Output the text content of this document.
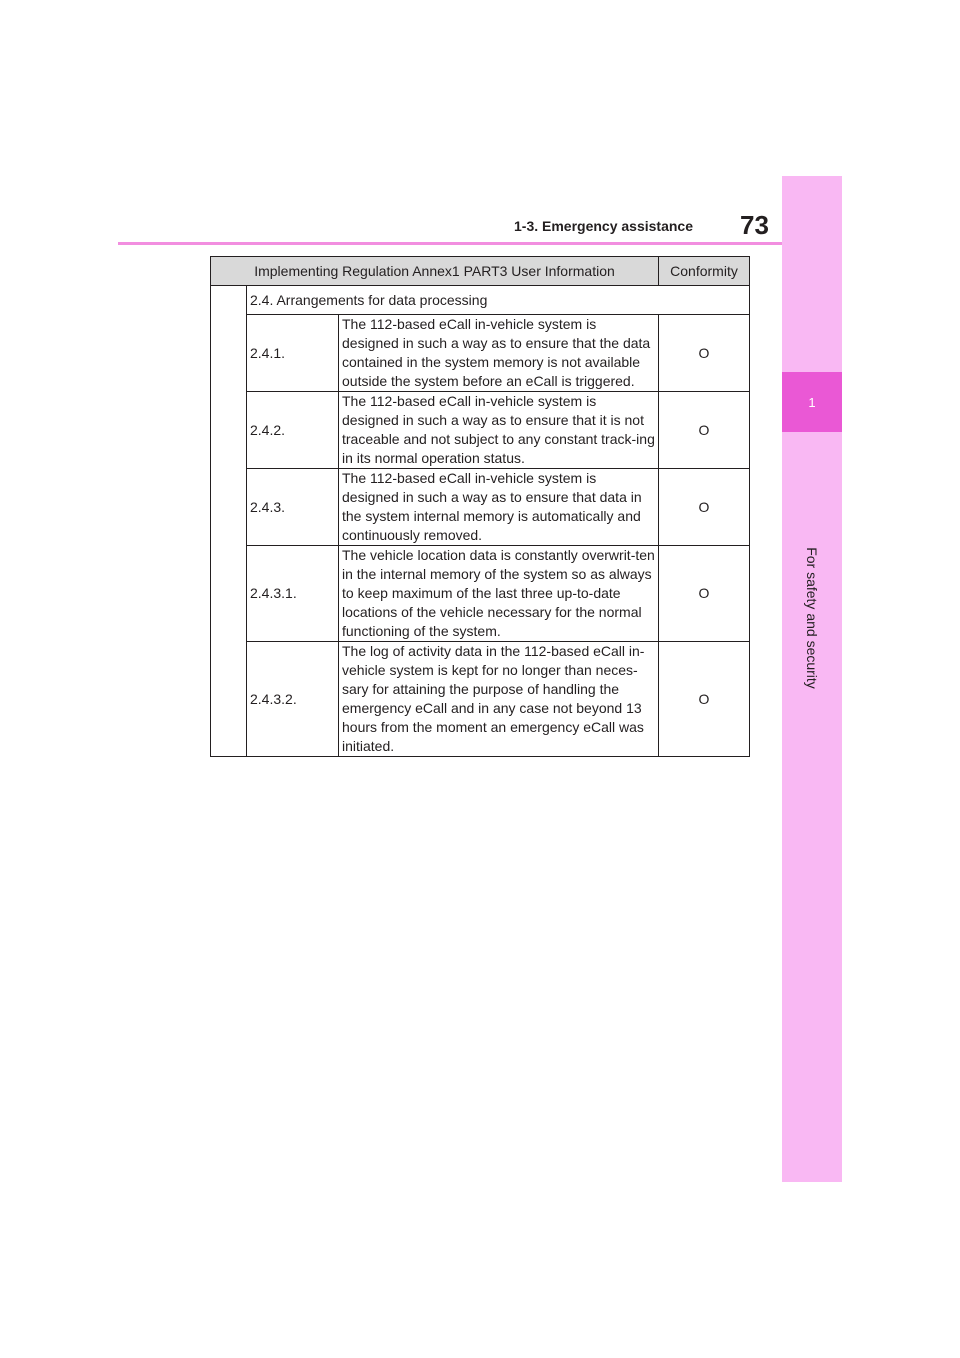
1
For safety and security
1-3. Emergency assistance 73
Implementing Regulation Annex1 PART3 User Information			Conformity
	2.4. Arrangements for data processing		
	2.4.1.	The 112-based eCall in-vehicle system is designed in such a way as to ensure that the data contained in the system memory is not available outside the system before an eCall is triggered.	O
	2.4.2.	The 112-based eCall in-vehicle system is designed in such a way as to ensure that it is not traceable and not subject to any constant track-ing in its normal operation status.	O
	2.4.3.	The 112-based eCall in-vehicle system is designed in such a way as to ensure that data in the system internal memory is automatically and continuously removed.	O
	2.4.3.1.	The vehicle location data is constantly overwrit-ten in the internal memory of the system so as always to keep maximum of the last three up-to-date locations of the vehicle necessary for the normal functioning of the system.	O
	2.4.3.2.	The log of activity data in the 112-based eCall in-vehicle system is kept for no longer than neces-sary for attaining the purpose of handling the emergency eCall and in any case not beyond 13 hours from the moment an emergency eCall was initiated.	O
